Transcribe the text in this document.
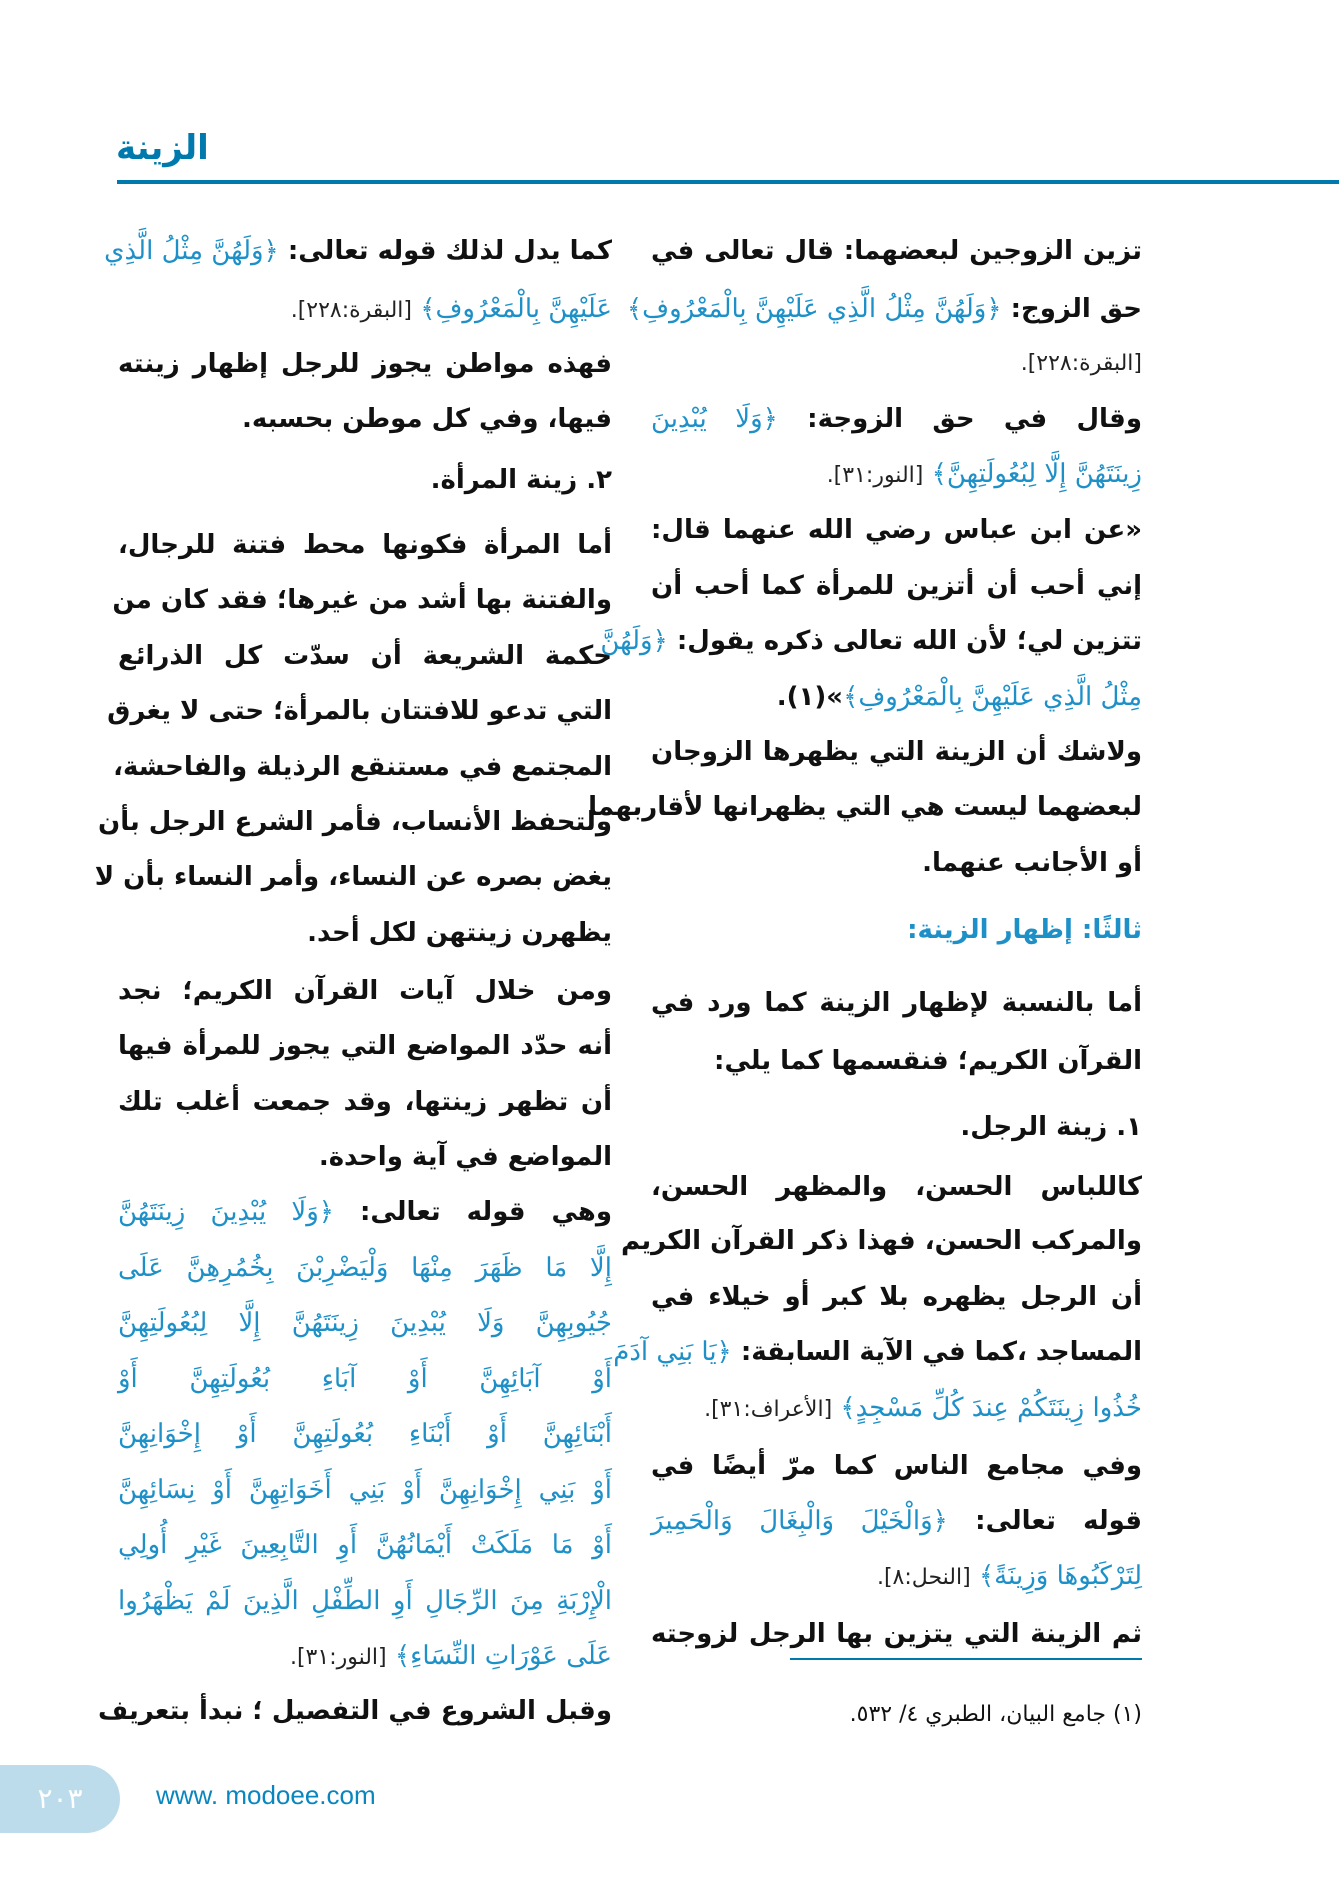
الزينة
(١) جامع البيان، الطبري ٤/ ٥٣٢.
٢٠٣	www. modoee.com
تزين الزوجين لبعضهما: قال تعالى في
حق الزوج: ﴿وَلَهُنَّ مِثْلُ الَّذِي عَلَيْهِنَّ بِالْمَعْرُوفِ﴾
[البقرة:٢٢٨].
وقال في حق الزوجة: ﴿وَلَا يُبْدِينَ
زِينَتَهُنَّ إِلَّا لِبُعُولَتِهِنَّ﴾ [النور:٣١].
«عن ابن عباس رضي الله عنهما قال:
إني أحب أن أتزين للمرأة كما أحب أن
تتزين لي؛ لأن الله تعالى ذكره يقول: ﴿وَلَهُنَّ
مِثْلُ الَّذِي عَلَيْهِنَّ بِالْمَعْرُوفِ﴾»(١).
ولاشك أن الزينة التي يظهرها الزوجان
لبعضهما ليست هي التي يظهرانها لأقاربهما
أو الأجانب عنهما.
ثالثًا: إظهار الزينة:
أما بالنسبة لإظهار الزينة كما ورد في
القرآن الكريم؛ فنقسمها كما يلي:
١. زينة الرجل.
كاللباس الحسن، والمظهر الحسن،
والمركب الحسن، فهذا ذكر القرآن الكريم
أن الرجل يظهره بلا كبر أو خيلاء في
المساجد ،كما في الآية السابقة: ﴿يَا بَنِي آدَمَ
خُذُوا زِينَتَكُمْ عِندَ كُلِّ مَسْجِدٍ﴾ [الأعراف:٣١].
وفي مجامع الناس كما مرّ أيضًا في
قوله تعالى: ﴿وَالْخَيْلَ وَالْبِغَالَ وَالْحَمِيرَ
لِتَرْكَبُوهَا وَزِينَةً﴾ [النحل:٨].
ثم الزينة التي يتزين بها الرجل لزوجته
كما يدل لذلك قوله تعالى: ﴿وَلَهُنَّ مِثْلُ الَّذِي
عَلَيْهِنَّ بِالْمَعْرُوفِ﴾ [البقرة:٢٢٨].
فهذه مواطن يجوز للرجل إظهار زينته
فيها، وفي كل موطن بحسبه.
٢. زينة المرأة.
أما المرأة فكونها محط فتنة للرجال،
والفتنة بها أشد من غيرها؛ فقد كان من
حكمة الشريعة أن سدّت كل الذرائع
التي تدعو للافتتان بالمرأة؛ حتى لا يغرق
المجتمع في مستنقع الرذيلة والفاحشة،
ولتحفظ الأنساب، فأمر الشرع الرجل بأن
يغض بصره عن النساء، وأمر النساء بأن لا
يظهرن زينتهن لكل أحد.
ومن خلال آيات القرآن الكريم؛ نجد
أنه حدّد المواضع التي يجوز للمرأة فيها
أن تظهر زينتها، وقد جمعت أغلب تلك
المواضع في آية واحدة.
وهي قوله تعالى: ﴿وَلَا يُبْدِينَ زِينَتَهُنَّ
إِلَّا مَا ظَهَرَ مِنْهَا وَلْيَضْرِبْنَ بِخُمُرِهِنَّ عَلَى
جُيُوبِهِنَّ وَلَا يُبْدِينَ زِينَتَهُنَّ إِلَّا لِبُعُولَتِهِنَّ
أَوْ آبَائِهِنَّ أَوْ آبَاءِ بُعُولَتِهِنَّ أَوْ
أَبْنَائِهِنَّ أَوْ أَبْنَاءِ بُعُولَتِهِنَّ أَوْ إِخْوَانِهِنَّ
أَوْ بَنِي إِخْوَانِهِنَّ أَوْ بَنِي أَخَوَاتِهِنَّ أَوْ نِسَائِهِنَّ
أَوْ مَا مَلَكَتْ أَيْمَانُهُنَّ أَوِ التَّابِعِينَ غَيْرِ أُولِي
الْإِرْبَةِ مِنَ الرِّجَالِ أَوِ الطِّفْلِ الَّذِينَ لَمْ يَظْهَرُوا
عَلَى عَوْرَاتِ النِّسَاءِ﴾ [النور:٣١].
وقبل الشروع في التفصيل ؛ نبدأ بتعريف
